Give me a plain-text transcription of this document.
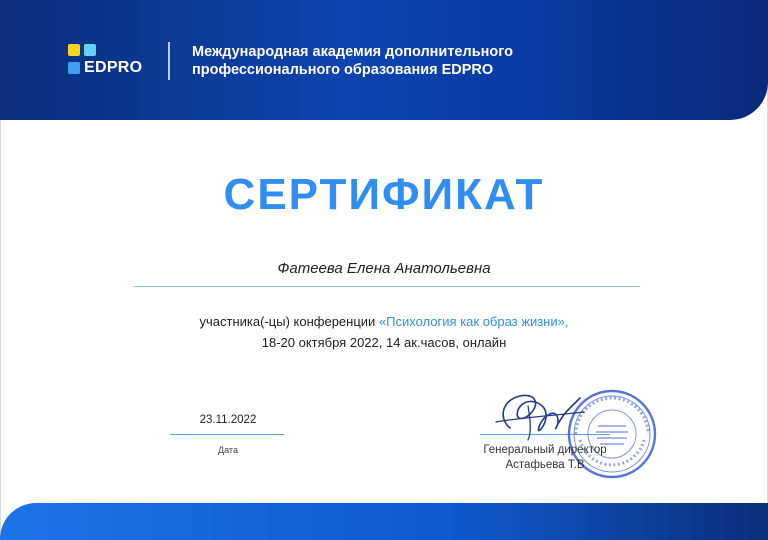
EDPRO
Международная академия дополнительного
профессионального образования EDPRO
СЕРТИФИКАТ
Фатеева Елена Анатольевна
участника(-цы) конференции «Психология как образ жизни»,
18-20 октября 2022, 14 ак.часов, онлайн
23.11.2022
Дата	Генеральный директор
Астафьева Т.В
